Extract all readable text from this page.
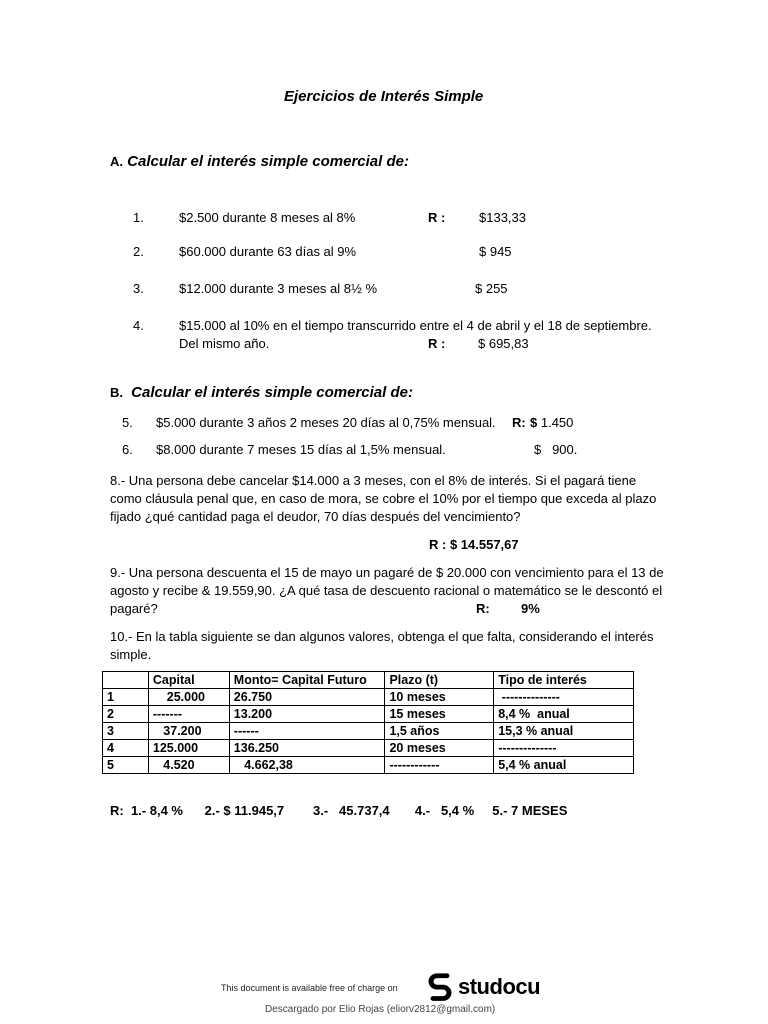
Ejercicios de Interés Simple
A. Calcular el interés simple comercial de:
1.	$2.500 durante 8 meses al 8%	R :	$133,33
2.	$60.000 durante 63 días al 9%	$ 945
3.	$12.000 durante 3 meses al 8½ %	$ 255
4.	$15.000 al 10% en el tiempo transcurrido entre el 4 de abril y el 18 de septiembre.
Del mismo año.	R :	$ 695,83
B. Calcular el interés simple comercial de:
5. $5.000 durante 3 años 2 meses 20 días al 0,75% mensual. R: $ 1.450
6. $8.000 durante 7 meses 15 días al 1,5% mensual.	$   900.
8.- Una persona debe cancelar $14.000 a 3 meses, con el 8% de interés. Si el pagará tiene
como cláusula penal que, en caso de mora, se cobre el 10% por el tiempo que exceda al plazo
fijado ¿qué cantidad paga el deudor, 70 días después del vencimiento?
R : $ 14.557,67
9.- Una persona descuenta el 15 de mayo un pagaré de $ 20.000 con vencimiento para el 13 de
agosto y recibe & 19.559,90. ¿A qué tasa de descuento racional o matemático se le descontó el
pagaré?	R: 9%
10.- En la tabla siguiente se dan algunos valores, obtenga el que falta, considerando el interés
simple.
	Capital	Monto= Capital Futuro	Plazo (t)	Tipo de interés
1	25.000	26.750	10 meses	--------------
2	-------	13.200	15 meses	8,4 %  anual
3	37.200	------	1,5 años	15,3 % anual
4	125.000	136.250	20 meses	--------------
5	4.520	4.662,38	------------	5,4 % anual
R:  1.- 8,4 %      2.- $ 11.945,7        3.-   45.737,4       4.-   5,4 %     5.- 7 MESES
This document is available free of charge on	studocu
Descargado por Elio Rojas (eliorv2812@gmail.com)
